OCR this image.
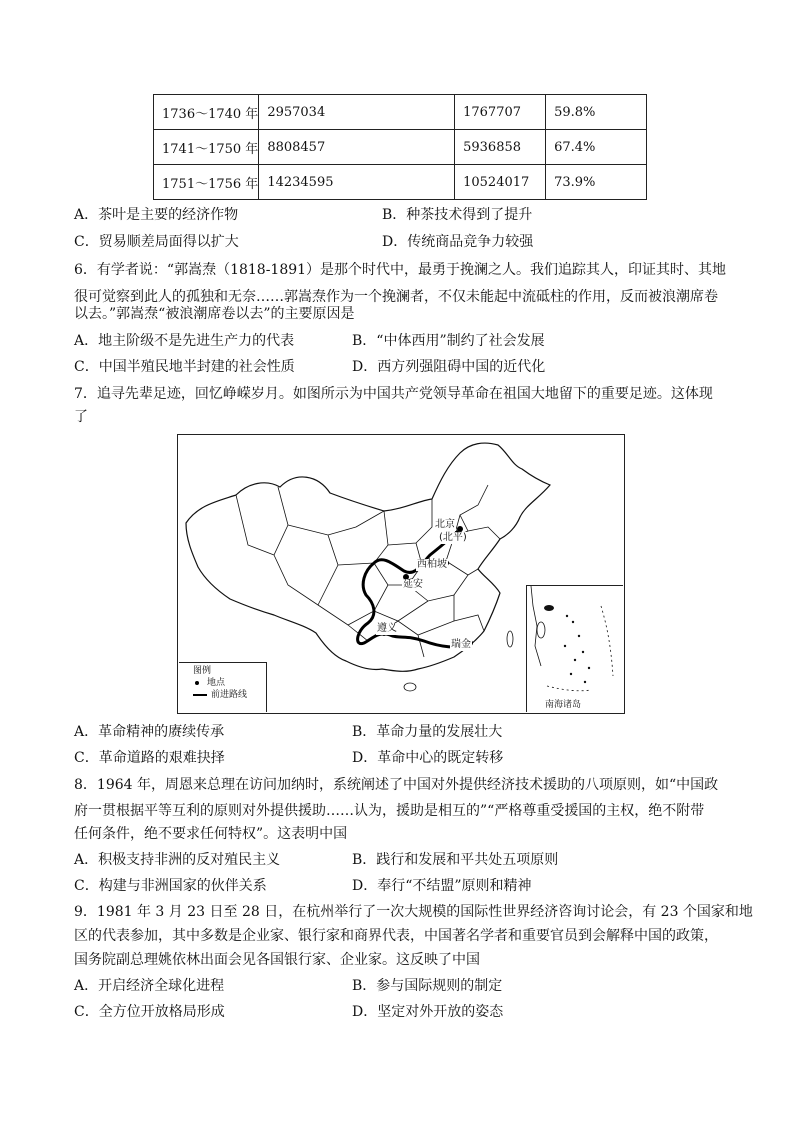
1736～1740 年	2957034	1767707	59.8%
1741～1750 年	8808457	5936858	67.4%
1751～1756 年	14234595	10524017	73.9%
A．茶叶是主要的经济作物	B．种茶技术得到了提升
C．贸易顺差局面得以扩大	D．传统商品竞争力较强
6．有学者说：“郭嵩焘（1818-1891）是那个时代中，最勇于挽澜之人。我们追踪其人，印证其时、其地
很可觉察到此人的孤独和无奈……郭嵩焘作为一个挽澜者，不仅未能起中流砥柱的作用，反而被浪潮席卷
以去。”郭嵩焘“被浪潮席卷以去”的主要原因是
A．地主阶级不是先进生产力的代表	B．“中体西用”制约了社会发展
C．中国半殖民地半封建的社会性质	D．西方列强阻碍中国的近代化
7．追寻先辈足迹，回忆峥嵘岁月。如图所示为中国共产党领导革命在祖国大地留下的重要足迹。这体现
了
北京
(北平)
西柏坡
延安
遵义
瑞金
图例
地点
前进路线
南海诸岛
A．革命精神的赓续传承	B．革命力量的发展壮大
C．革命道路的艰难抉择	D．革命中心的既定转移
8．1964 年，周恩来总理在访问加纳时，系统阐述了中国对外提供经济技术援助的八项原则，如“中国政
府一贯根据平等互利的原则对外提供援助……认为，援助是相互的”“严格尊重受援国的主权，绝不附带
任何条件，绝不要求任何特权”。这表明中国
A．积极支持非洲的反对殖民主义	B．践行和发展和平共处五项原则
C．构建与非洲国家的伙伴关系	D．奉行“不结盟”原则和精神
9．1981 年 3 月 23 日至 28 日，在杭州举行了一次大规模的国际性世界经济咨询讨论会，有 23 个国家和地
区的代表参加，其中多数是企业家、银行家和商界代表，中国著名学者和重要官员到会解释中国的政策，
国务院副总理姚依林出面会见各国银行家、企业家。这反映了中国
A．开启经济全球化进程	B．参与国际规则的制定
C．全方位开放格局形成	D．坚定对外开放的姿态
